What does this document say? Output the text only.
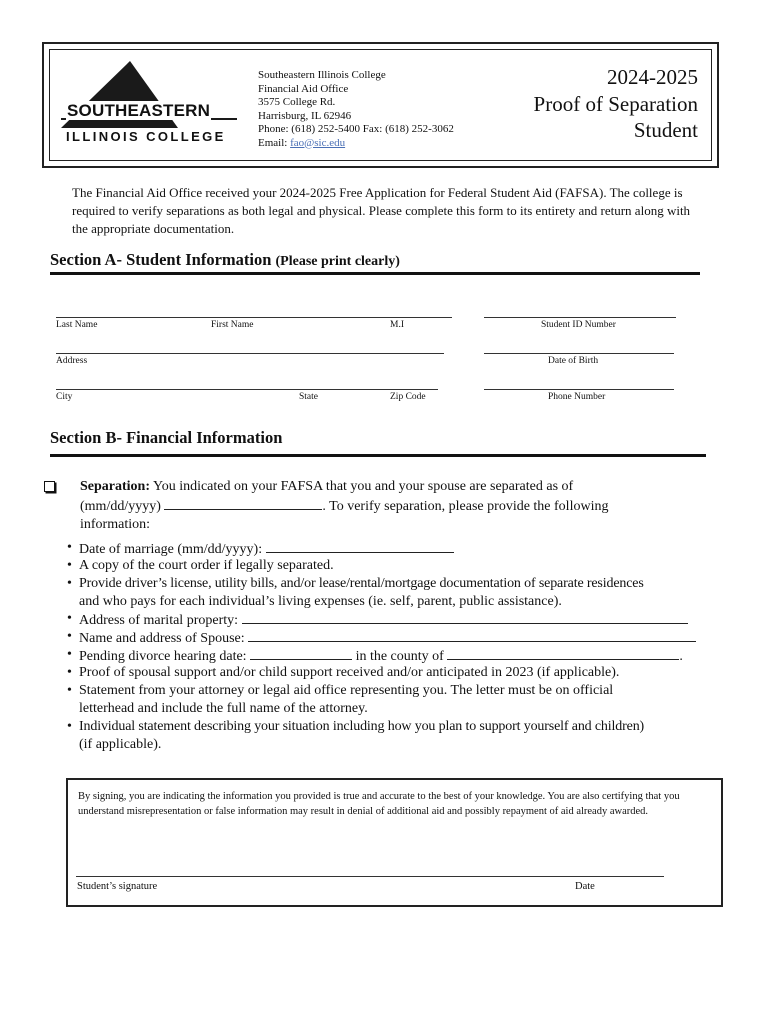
SOUTHEASTERN
ILLINOIS COLLEGE
Southeastern Illinois College
Financial Aid Office
3575 College Rd.
Harrisburg, IL 62946
Phone: (618) 252-5400 Fax: (618) 252-3062
Email: fao@sic.edu
2024-2025
Proof of Separation
Student
The Financial Aid Office received your 2024-2025 Free Application for Federal Student Aid (FAFSA). The college is required to verify separations as both legal and physical. Please complete this form to its entirety and return along with the appropriate documentation.
Section A- Student Information (Please print clearly)
Last Name	First Name	M.I	Student ID Number
Address	Date of Birth
City	State	Zip Code	Phone Number
Section B- Financial Information
Separation: You indicated on your FAFSA that you and your spouse are separated as of
(mm/dd/yyyy)	. To verify separation, please provide the following
information:
• Date of marriage (mm/dd/yyyy):
• A copy of the court order if legally separated.
• Provide driver’s license, utility bills, and/or lease/rental/mortgage documentation of separate residences
and who pays for each individual’s living expenses (ie. self, parent, public assistance).
• Address of marital property:
• Name and address of Spouse:
• Pending divorce hearing date:	in the county of	.
• Proof of spousal support and/or child support received and/or anticipated in 2023 (if applicable).
• Statement from your attorney or legal aid office representing you. The letter must be on official
letterhead and include the full name of the attorney.
• Individual statement describing your situation including how you plan to support yourself and children)
(if applicable).
By signing, you are indicating the information you provided is true and accurate to the best of your knowledge. You are also certifying that you understand misrepresentation or false information may result in denial of additional aid and possibly repayment of aid already awarded.
Student’s signature	Date
